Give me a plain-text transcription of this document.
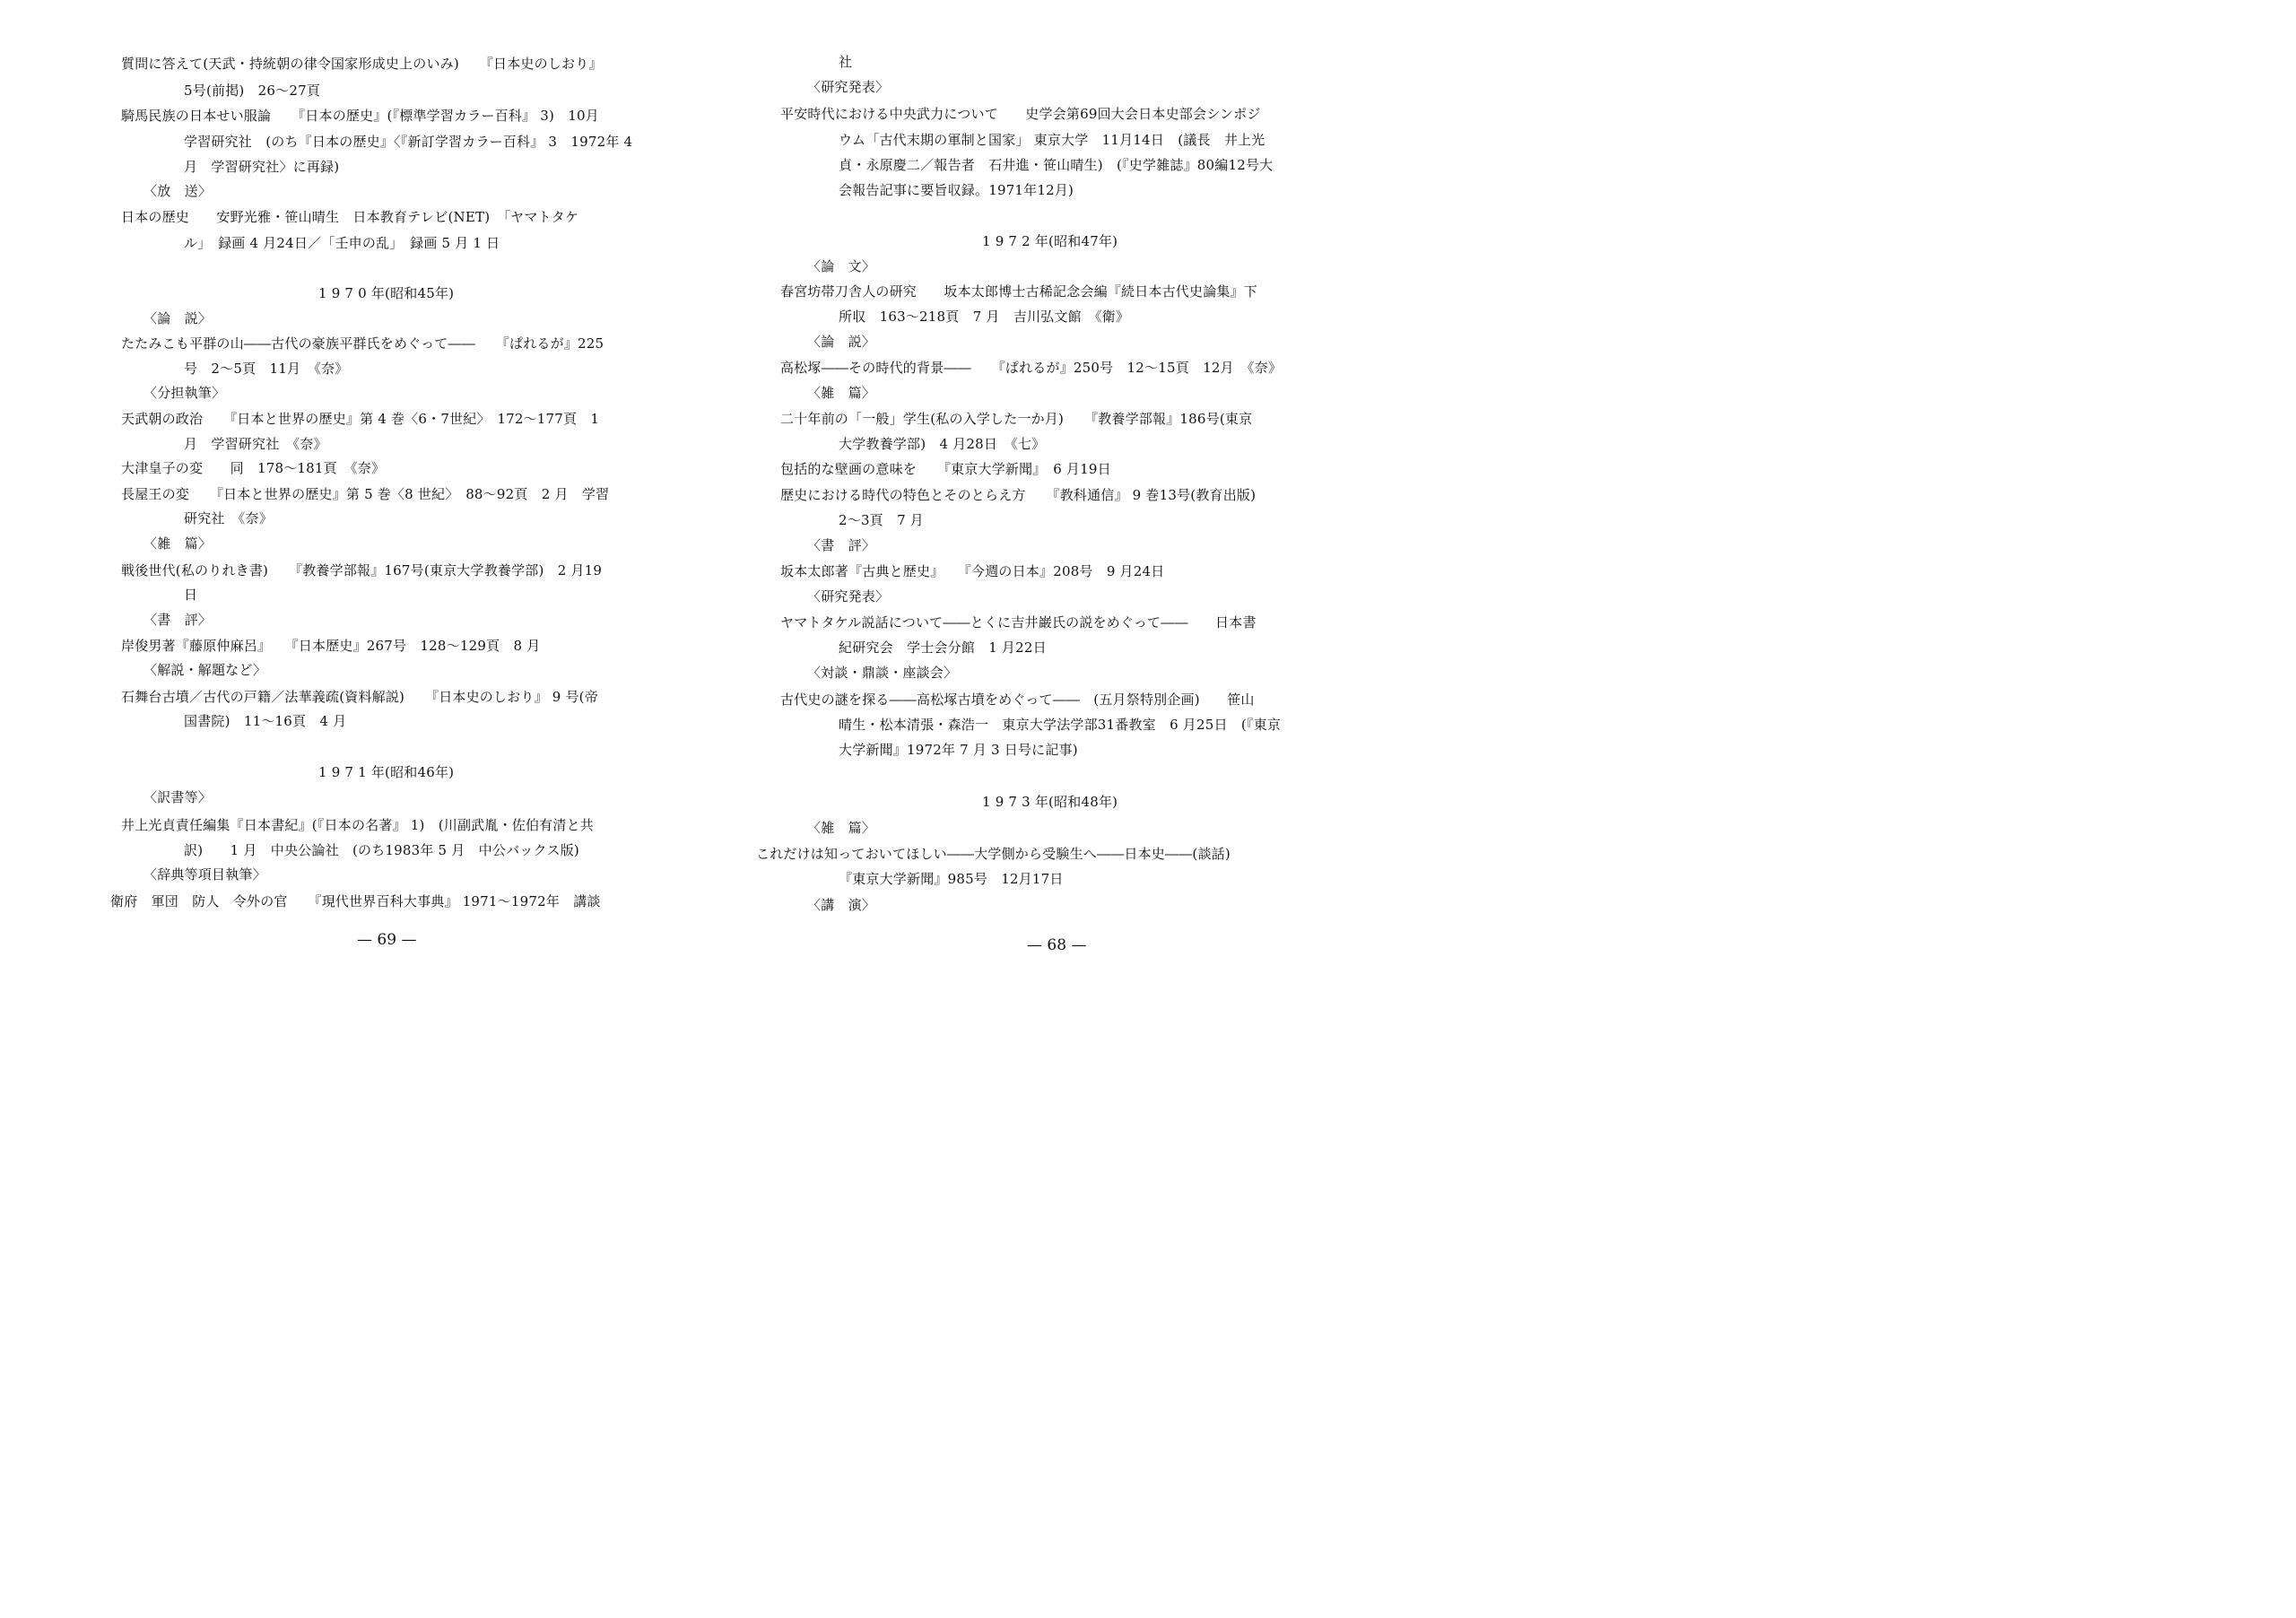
質問に答えて(天武・持統朝の律令国家形成史上のいみ)　　『日本史のしおり』
5号(前掲)　26〜27頁
騎馬民族の日本せい服論　　『日本の歴史』(『標準学習カラー百科』 3)　10月
学習研究社　(のち『日本の歴史』〈『新訂学習カラー百科』 3　1972年 4
月　学習研究社〉に再録)
〈放　送〉
日本の歴史　　安野光雅・笹山晴生　日本教育テレビ(NET)　「ヤマトタケ
ル」　録画 4 月24日／「壬申の乱」　録画 5 月 1 日
1 9 7 0 年(昭和45年)
〈論　説〉
たたみこも平群の山――古代の豪族平群氏をめぐって――　　『ぱれるが』225
号　2〜5頁　11月　《奈》
〈分担執筆〉
天武朝の政治　　『日本と世界の歴史』第 4 巻〈6・7世紀〉　172〜177頁　1
月　学習研究社　《奈》
大津皇子の変　　同　178〜181頁　《奈》
長屋王の変　　『日本と世界の歴史』第 5 巻〈8 世紀〉　88〜92頁　2 月　学習
研究社　《奈》
〈雑　篇〉
戦後世代(私のりれき書)　　『教養学部報』167号(東京大学教養学部)　2 月19
日
〈書　評〉
岸俊男著『藤原仲麻呂』　　『日本歴史』267号　128〜129頁　8 月
〈解説・解題など〉
石舞台古墳／古代の戸籍／法華義疏(資料解説)　　『日本史のしおり』 9 号(帝
国書院)　11〜16頁　4 月
1 9 7 1 年(昭和46年)
〈訳書等〉
井上光貞責任編集『日本書紀』(『日本の名著』 1)　(川副武胤・佐伯有清と共
訳)　　1 月　中央公論社　(のち1983年 5 月　中公バックス版)
〈辞典等項目執筆〉
衛府　軍団　防人　令外の官　　『現代世界百科大事典』 1971〜1972年　講談
— 69 —
社
〈研究発表〉
平安時代における中央武力について　　史学会第69回大会日本史部会シンポジ
ウム「古代末期の軍制と国家」 東京大学　11月14日　(議長　井上光
貞・永原慶二／報告者　石井進・笹山晴生)　(『史学雑誌』80編12号大
会報告記事に要旨収録。1971年12月)
1 9 7 2 年(昭和47年)
〈論　文〉
春宮坊帯刀舎人の研究　　坂本太郎博士古稀記念会編『続日本古代史論集』下
所収　163〜218頁　7 月　吉川弘文館　《衛》
〈論　説〉
高松塚――その時代的背景――　　『ぱれるが』250号　12〜15頁　12月　《奈》
〈雑　篇〉
二十年前の「一般」学生(私の入学した一か月)　　『教養学部報』186号(東京
大学教養学部)　4 月28日　《七》
包括的な壁画の意味を　　『東京大学新聞』　6 月19日
歴史における時代の特色とそのとらえ方　　『教科通信』 9 巻13号(教育出版)
2〜3頁　7 月
〈書　評〉
坂本太郎著『古典と歴史』　　『今週の日本』208号　9 月24日
〈研究発表〉
ヤマトタケル説話について――とくに吉井巌氏の説をめぐって――　　日本書
紀研究会　学士会分館　1 月22日
〈対談・鼎談・座談会〉
古代史の謎を探る――高松塚古墳をめぐって――　(五月祭特別企画)　　笹山
晴生・松本清張・森浩一　東京大学法学部31番教室　6 月25日　(『東京
大学新聞』1972年 7 月 3 日号に記事)
1 9 7 3 年(昭和48年)
〈雑　篇〉
これだけは知っておいてほしい――大学側から受験生へ――日本史――(談話)
『東京大学新聞』985号　12月17日
〈講　演〉
— 68 —
